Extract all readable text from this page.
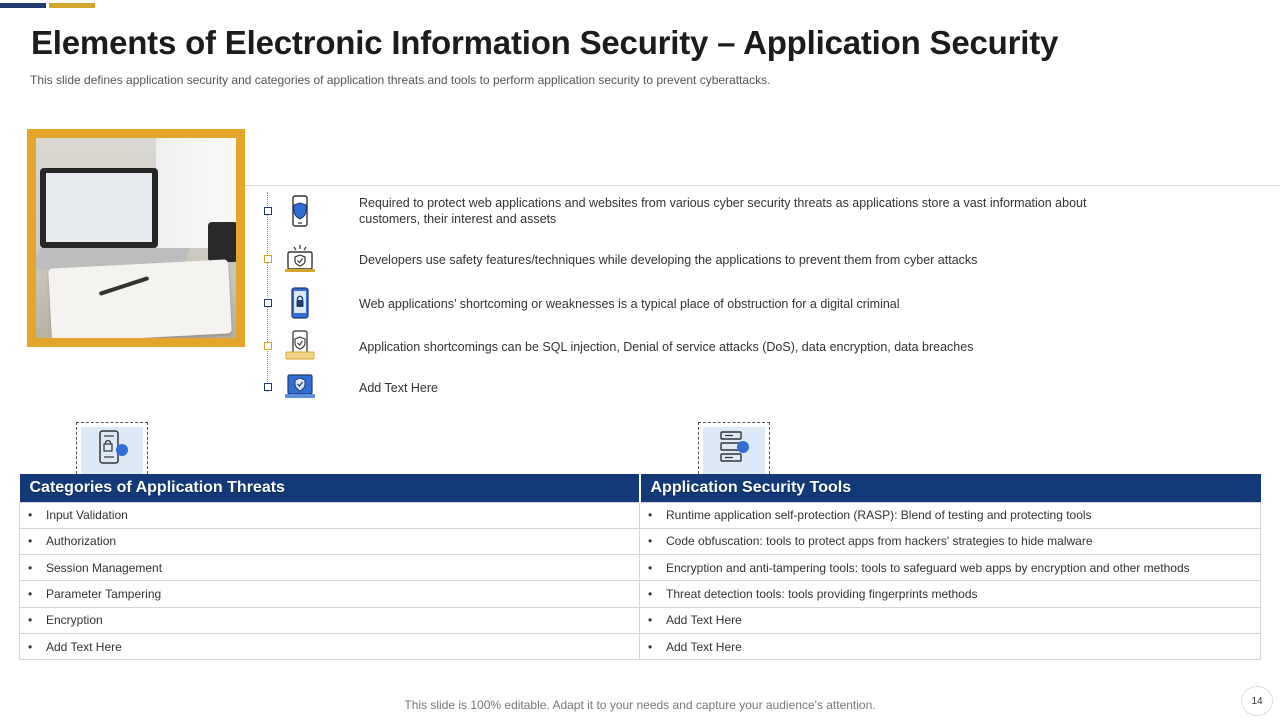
Elements of Electronic Information Security – Application Security

This slide defines application security and categories of application threats and tools to perform application security to prevent cyberattacks.

Required to protect web applications and websites from various cyber security threats as applications store a vast information about customers, their interest and assets
Developers use safety features/techniques while developing the applications to prevent them from cyber attacks
Web applications’ shortcoming or weaknesses is a typical place of obstruction for a digital criminal
Application shortcomings can be SQL injection, Denial of service attacks (DoS), data encryption, data breaches
Add Text Here
Categories of Application Threats	Application Security Tools
• Input Validation	• Runtime application self-protection (RASP): Blend of testing and protecting tools
• Authorization	• Code obfuscation: tools to protect apps from hackers' strategies to hide malware
• Session Management	• Encryption and anti-tampering tools: tools to safeguard web apps by encryption and other methods
• Parameter Tampering	• Threat detection tools: tools providing fingerprints methods
• Encryption	• Add Text Here
• Add Text Here	• Add Text Here
This slide is 100% editable. Adapt it to your needs and capture your audience's attention.	14
